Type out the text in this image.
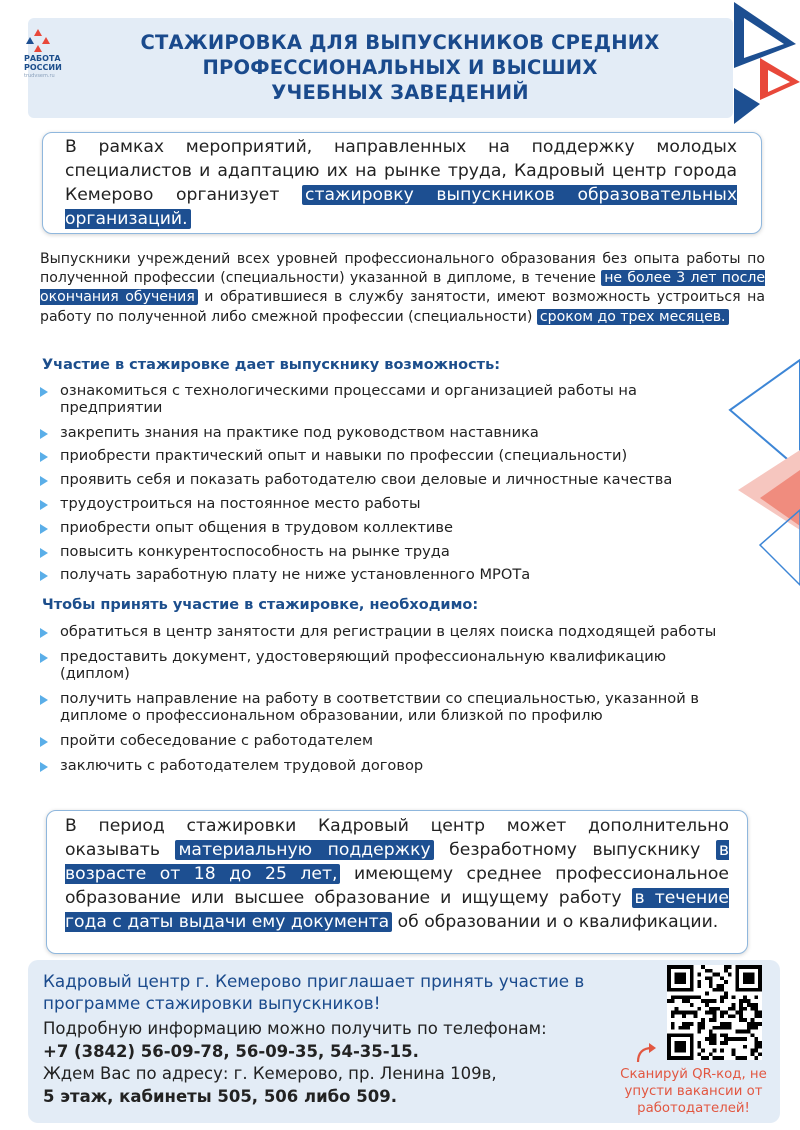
РАБОТА
РОССИИ
trudvsem.ru
СТАЖИРОВКА ДЛЯ ВЫПУСКНИКОВ СРЕДНИХ
ПРОФЕССИОНАЛЬНЫХ И ВЫСШИХ
УЧЕБНЫХ ЗАВЕДЕНИЙ
В рамках мероприятий, направленных на поддержку молодых специалистов и адаптацию их на рынке труда, Кадровый центр города Кемерово организует стажировку выпускников образовательных организаций.
Выпускники учреждений всех уровней профессионального образования без опыта работы по полученной профессии (специальности) указанной в дипломе, в течение не более 3 лет после окончания обучения и обратившиеся в службу занятости, имеют возможность устроиться на работу по полученной либо смежной профессии (специальности) сроком до трех месяцев.
Участие в стажировке дает выпускнику возможность:
ознакомиться с технологическими процессами и организацией работы на предприятии
закрепить знания на практике под руководством наставника
приобрести практический опыт и навыки по профессии (специальности)
проявить себя и показать работодателю свои деловые и личностные качества
трудоустроиться на постоянное место работы
приобрести опыт общения в трудовом коллективе
повысить конкурентоспособность на рынке труда
получать заработную плату не ниже установленного МРОТа
Чтобы принять участие в стажировке, необходимо:
обратиться в центр занятости для регистрации в целях поиска подходящей работы
предоставить документ, удостоверяющий профессиональную квалификацию (диплом)
получить направление на работу в соответствии со специальностью, указанной в дипломе о профессиональном образовании, или близкой по профилю
пройти собеседование с работодателем
заключить с работодателем трудовой договор
В период стажировки Кадровый центр может дополнительно оказывать материальную поддержку безработному выпускнику в возрасте от 18 до 25 лет, имеющему среднее профессиональное образование или высшее образование и ищущему работу в течение года с даты выдачи ему документа об образовании и о квалификации.
Кадровый центр г. Кемерово приглашает принять участие в программе стажировки выпускников!
Подробную информацию можно получить по телефонам:
+7 (3842) 56-09-78, 56-09-35, 54-35-15.
Ждем Вас по адресу: г. Кемерово, пр. Ленина 109в,
5 этаж, кабинеты 505, 506 либо 509.
Сканируй QR-код, не упусти вакансии от работодателей!
